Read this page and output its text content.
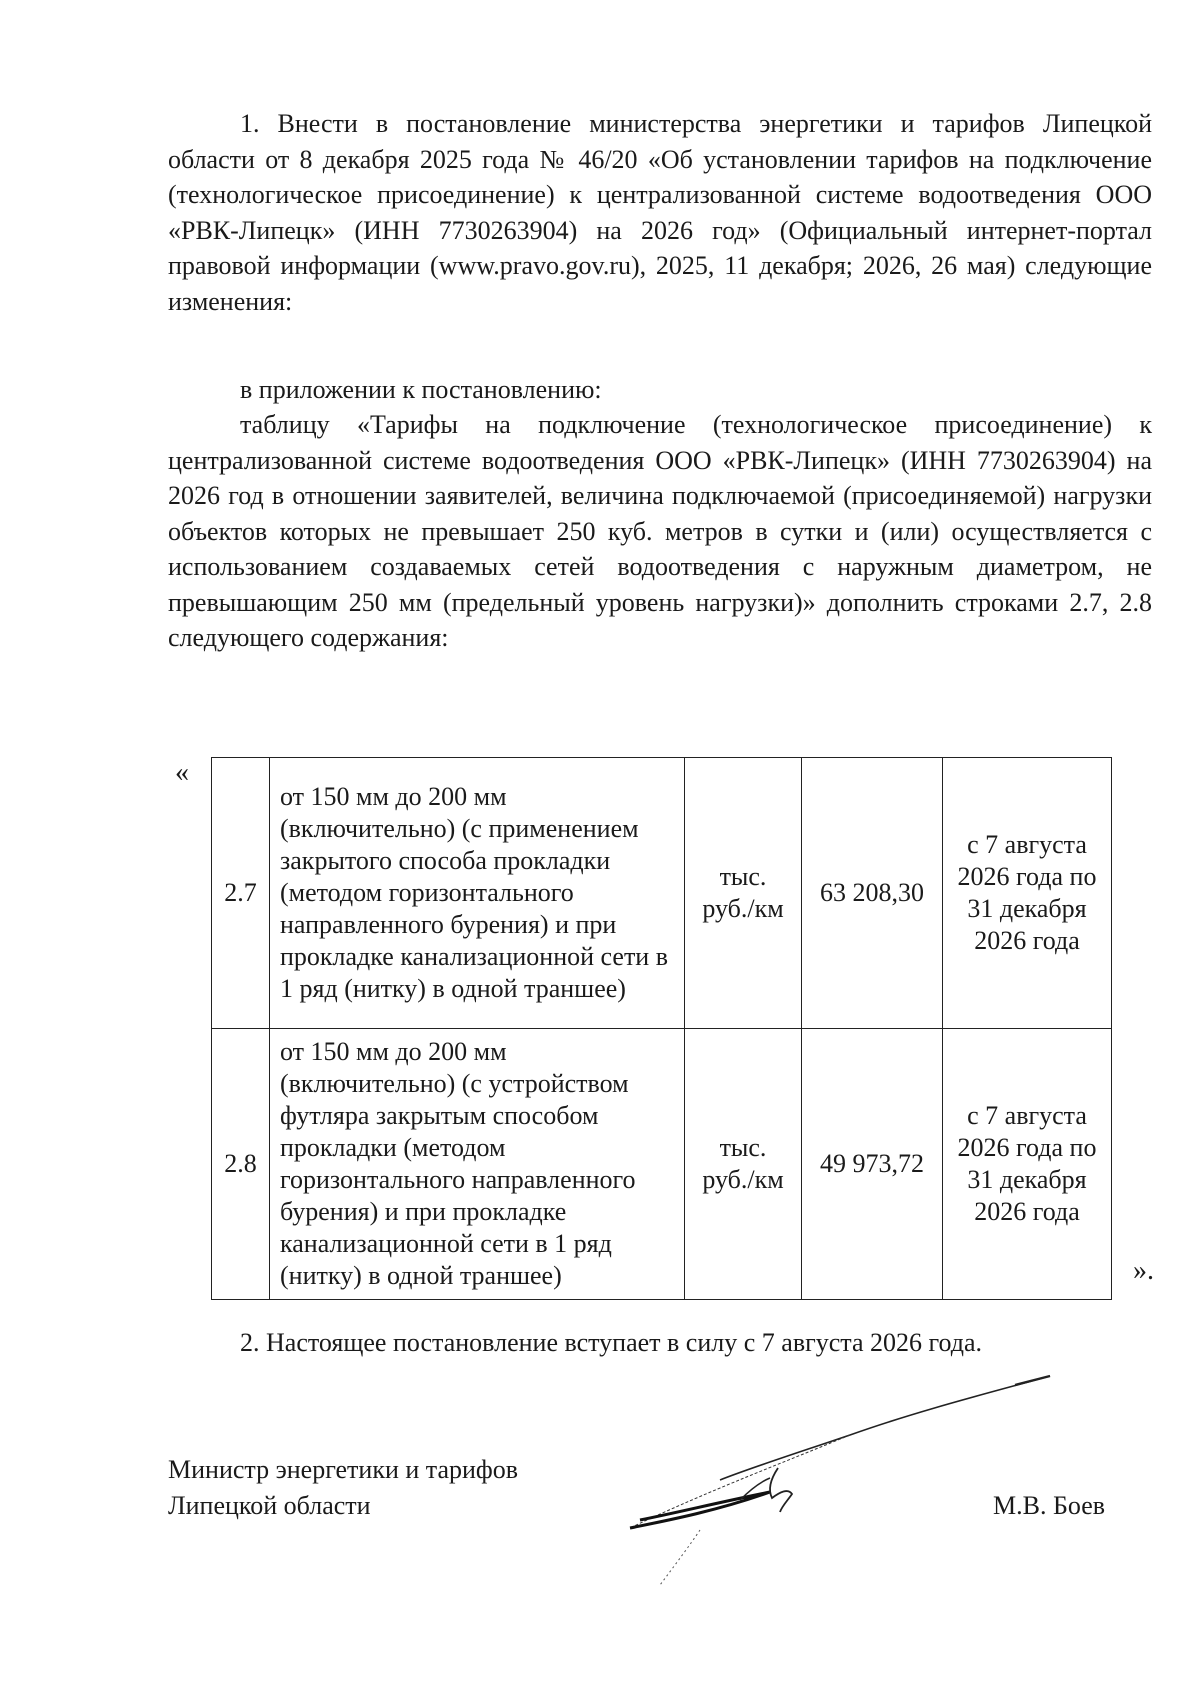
1. Внести в постановление министерства энергетики и тарифов Липецкой области от 8 декабря 2025 года № 46/20 «Об установлении тарифов на подключение (технологическое присоединение) к централизованной системе водоотведения ООО «РВК-Липецк» (ИНН 7730263904) на 2026 год» (Официальный интернет-портал правовой информации (www.pravo.gov.ru), 2025, 11 декабря; 2026, 26 мая) следующие изменения:

в приложении к постановлению:

таблицу «Тарифы на подключение (технологическое присоединение) к централизованной системе водоотведения ООО «РВК-Липецк» (ИНН 7730263904) на 2026 год в отношении заявителей, величина подключаемой (присоединяемой) нагрузки объектов которых не превышает 250 куб. метров в сутки и (или) осуществляется с использованием создаваемых сетей водоотведения с наружным диаметром, не превышающим 250 мм (предельный уровень нагрузки)» дополнить строками 2.7, 2.8 следующего содержания:

«
2.7	от 150 мм до 200 мм (включительно) (с применением закрытого способа прокладки (методом горизонтального направленного бурения) и при прокладке канализационной сети в 1 ряд (нитку) в одной траншее)	тыс. руб./км	63 208,30	с 7 августа 2026 года по 31 декабря 2026 года
2.8	от 150 мм до 200 мм (включительно) (с устройством футляра закрытым способом прокладки (методом горизонтального направленного бурения) и при прокладке канализационной сети в 1 ряд (нитку) в одной траншее)	тыс. руб./км	49 973,72	с 7 августа 2026 года по 31 декабря 2026 года
».

2. Настоящее постановление вступает в силу с 7 августа 2026 года.

Министр энергетики и тарифов

Липецкой области	М.В. Боев
